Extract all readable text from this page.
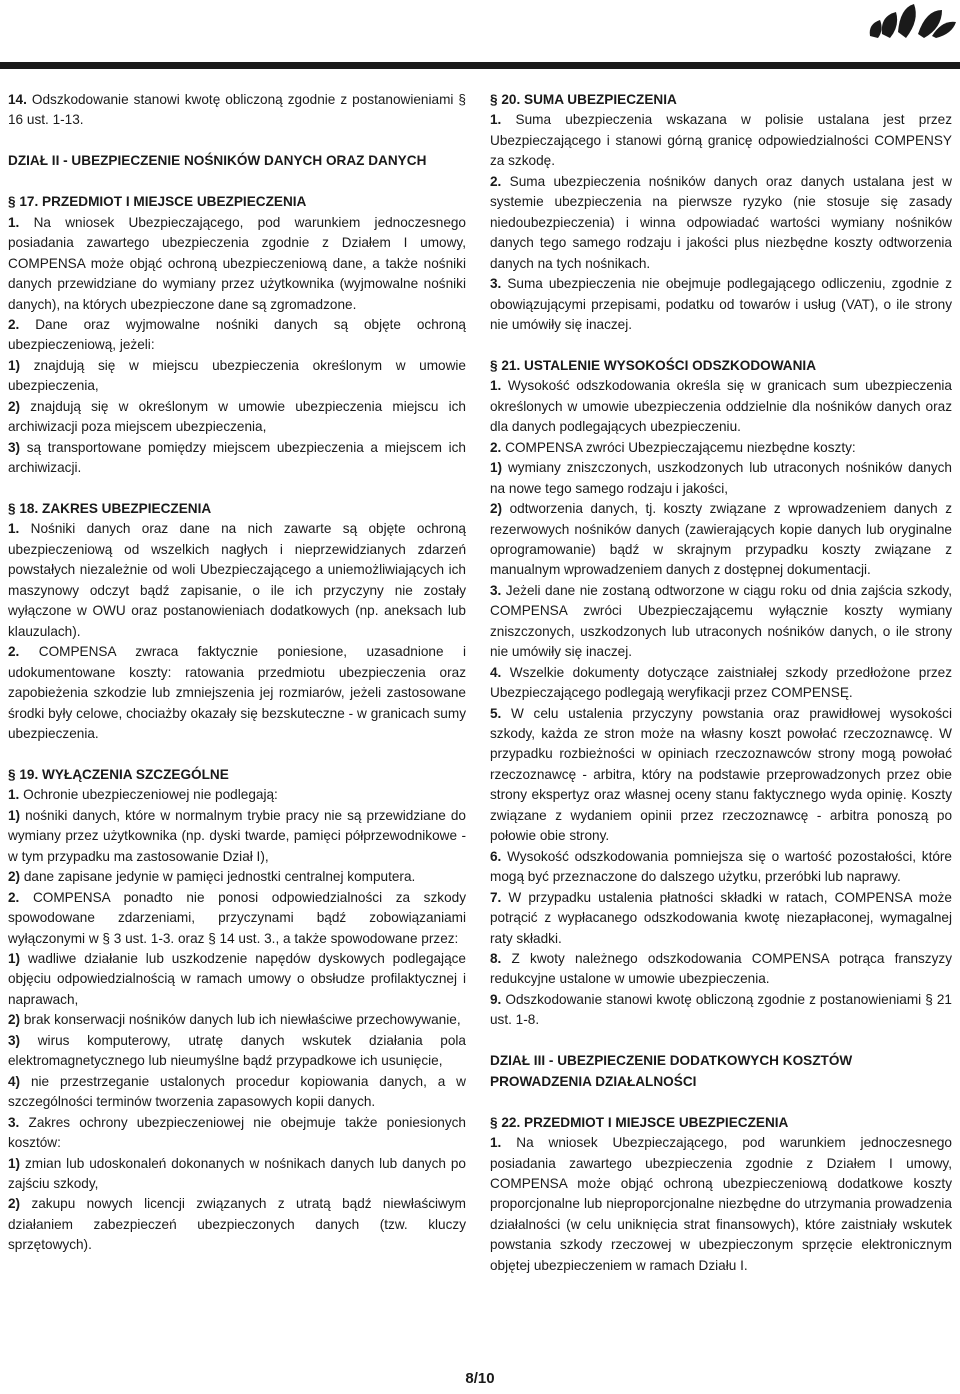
14. Odszkodowanie stanowi kwotę obliczoną zgodnie z postanowieniami § 16 ust. 1-13.

DZIAŁ II - UBEZPIECZENIE NOŚNIKÓW DANYCH ORAZ DANYCH
§ 17. PRZEDMIOT I MIEJSCE UBEZPIECZENIA

1. Na wniosek Ubezpieczającego, pod warunkiem jednoczesnego posiadania zawartego ubezpieczenia zgodnie z Działem I umowy, COMPENSA może objąć ochroną ubezpieczeniową dane, a także nośniki danych przewidziane do wymiany przez użytkownika (wyjmowalne nośniki danych), na których ubezpieczone dane są zgromadzone.

2. Dane oraz wyjmowalne nośniki danych są objęte ochroną ubezpieczeniową, jeżeli:

1) znajdują się w miejscu ubezpieczenia określonym w umowie ubezpieczenia,

2) znajdują się w określonym w umowie ubezpieczenia miejscu ich archiwizacji poza miejscem ubezpieczenia,

3) są transportowane pomiędzy miejscem ubezpieczenia a miejscem ich archiwizacji.

§ 18. ZAKRES UBEZPIECZENIA

1. Nośniki danych oraz dane na nich zawarte są objęte ochroną ubezpieczeniową od wszelkich nagłych i nieprzewidzianych zdarzeń powstałych niezależnie od woli Ubezpieczającego a uniemożliwiających ich maszynowy odczyt bądź zapisanie, o ile ich przyczyny nie zostały wyłączone w OWU oraz postanowieniach dodatkowych (np. aneksach lub klauzulach).

2. COMPENSA zwraca faktycznie poniesione, uzasadnione i udokumentowane koszty: ratowania przedmiotu ubezpieczenia oraz zapobieżenia szkodzie lub zmniejszenia jej rozmiarów, jeżeli zastosowane środki były celowe, chociażby okazały się bezskuteczne - w granicach sumy ubezpieczenia.

§ 19. WYŁĄCZENIA SZCZEGÓLNE

1. Ochronie ubezpieczeniowej nie podlegają:

1) nośniki danych, które w normalnym trybie pracy nie są przewidziane do wymiany przez użytkownika (np. dyski twarde, pamięci półprzewodnikowe - w tym przypadku ma zastosowanie Dział I),

2) dane zapisane jedynie w pamięci jednostki centralnej komputera.

2. COMPENSA ponadto nie ponosi odpowiedzialności za szkody spowodowane zdarzeniami, przyczynami bądź zobowiązaniami wyłączonymi w § 3 ust. 1-3. oraz § 14 ust. 3., a także spowodowane przez:

1) wadliwe działanie lub uszkodzenie napędów dyskowych podlegające objęciu odpowiedzialnością w ramach umowy o obsłudze profilaktycznej i naprawach,

2) brak konserwacji nośników danych lub ich niewłaściwe przechowywanie,

3) wirus komputerowy, utratę danych wskutek działania pola elektromagnetycznego lub nieumyślne bądź przypadkowe ich usunięcie,

4) nie przestrzeganie ustalonych procedur kopiowania danych, a w szczególności terminów tworzenia zapasowych kopii danych.

3. Zakres ochrony ubezpieczeniowej nie obejmuje także poniesionych kosztów:

1) zmian lub udoskonaleń dokonanych w nośnikach danych lub danych po zajściu szkody,

2) zakupu nowych licencji związanych z utratą bądź niewłaściwym działaniem zabezpieczeń ubezpieczonych danych (tzw. kluczy sprzętowych).

§ 20. SUMA UBEZPIECZENIA

1. Suma ubezpieczenia wskazana w polisie ustalana jest przez Ubezpieczającego i stanowi górną granicę odpowiedzialności COMPENSY za szkodę.

2. Suma ubezpieczenia nośników danych oraz danych ustalana jest w systemie ubezpieczenia na pierwsze ryzyko (nie stosuje się zasady niedoubezpieczenia) i winna odpowiadać wartości wymiany nośników danych tego samego rodzaju i jakości plus niezbędne koszty odtworzenia danych na tych nośnikach.

3. Suma ubezpieczenia nie obejmuje podlegającego odliczeniu, zgodnie z obowiązującymi przepisami, podatku od towarów i usług (VAT), o ile strony nie umówiły się inaczej.

§ 21. USTALENIE WYSOKOŚCI ODSZKODOWANIA

1. Wysokość odszkodowania określa się w granicach sum ubezpieczenia określonych w umowie ubezpieczenia oddzielnie dla nośników danych oraz dla danych podlegających ubezpieczeniu.

2. COMPENSA zwróci Ubezpieczającemu niezbędne koszty:

1) wymiany zniszczonych, uszkodzonych lub utraconych nośników danych na nowe tego samego rodzaju i jakości,

2) odtworzenia danych, tj. koszty związane z wprowadzeniem danych z rezerwowych nośników danych (zawierających kopie danych lub oryginalne oprogramowanie) bądź w skrajnym przypadku koszty związane z manualnym wprowadzeniem danych z dostępnej dokumentacji.

3. Jeżeli dane nie zostaną odtworzone w ciągu roku od dnia zajścia szkody, COMPENSA zwróci Ubezpieczającemu wyłącznie koszty wymiany zniszczonych, uszkodzonych lub utraconych nośników danych, o ile strony nie umówiły się inaczej.

4. Wszelkie dokumenty dotyczące zaistniałej szkody przedłożone przez Ubezpieczającego podlegają weryfikacji przez COMPENSĘ.

5. W celu ustalenia przyczyny powstania oraz prawidłowej wysokości szkody, każda ze stron może na własny koszt powołać rzeczoznawcę. W przypadku rozbieżności w opiniach rzeczoznawców strony mogą powołać rzeczoznawcę - arbitra, który na podstawie przeprowadzonych przez obie strony ekspertyz oraz własnej oceny stanu faktycznego wyda opinię. Koszty związane z wydaniem opinii przez rzeczoznawcę - arbitra ponoszą po połowie obie strony.

6. Wysokość odszkodowania pomniejsza się o wartość pozostałości, które mogą być przeznaczone do dalszego użytku, przeróbki lub naprawy.

7. W przypadku ustalenia płatności składki w ratach, COMPENSA może potrącić z wypłacanego odszkodowania kwotę niezapłaconej, wymagalnej raty składki.

8. Z kwoty należnego odszkodowania COMPENSA potrąca franszyzy redukcyjne ustalone w umowie ubezpieczenia.

9. Odszkodowanie stanowi kwotę obliczoną zgodnie z postanowieniami § 21 ust. 1-8.

DZIAŁ III - UBEZPIECZENIE DODATKOWYCH KOSZTÓW PROWADZENIA DZIAŁALNOŚCI
§ 22. PRZEDMIOT I MIEJSCE UBEZPIECZENIA

1. Na wniosek Ubezpieczającego, pod warunkiem jednoczesnego posiadania zawartego ubezpieczenia zgodnie z Działem I umowy, COMPENSA może objąć ochroną ubezpieczeniową dodatkowe koszty proporcjonalne lub nieproporcjonalne niezbędne do utrzymania prowadzenia działalności (w celu uniknięcia strat finansowych), które zaistniały wskutek powstania szkody rzeczowej w ubezpieczonym sprzęcie elektronicznym objętej ubezpieczeniem w ramach Działu I.

8/10
